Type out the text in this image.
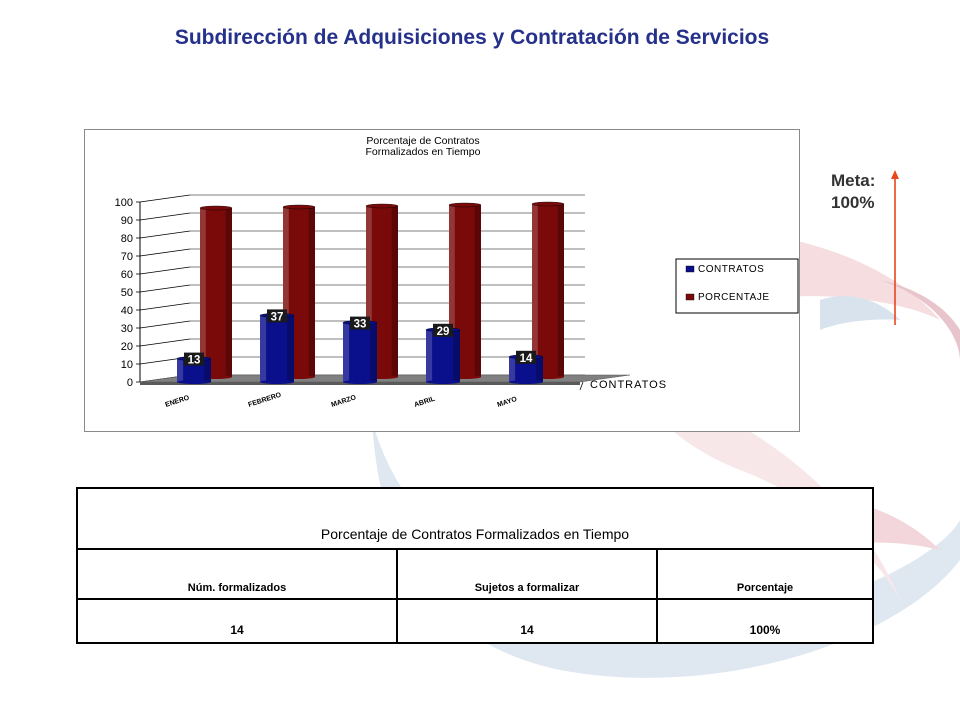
Subdirección de Adquisiciones y Contratación de Servicios
Porcentaje de Contratos
Formalizados en Tiempo
100
90
80
70
60
50
40
30
20
10
0	CONTRATOS
13
37
33
29
14
ENERO	FEBRERO	MARZO	ABRIL	MAYO
CONTRATOS
PORCENTAJE
Meta:
100%
Porcentaje de Contratos Formalizados en Tiempo		

Núm. formalizados	Sujetos a formalizar	Porcentaje

14	14	100%
